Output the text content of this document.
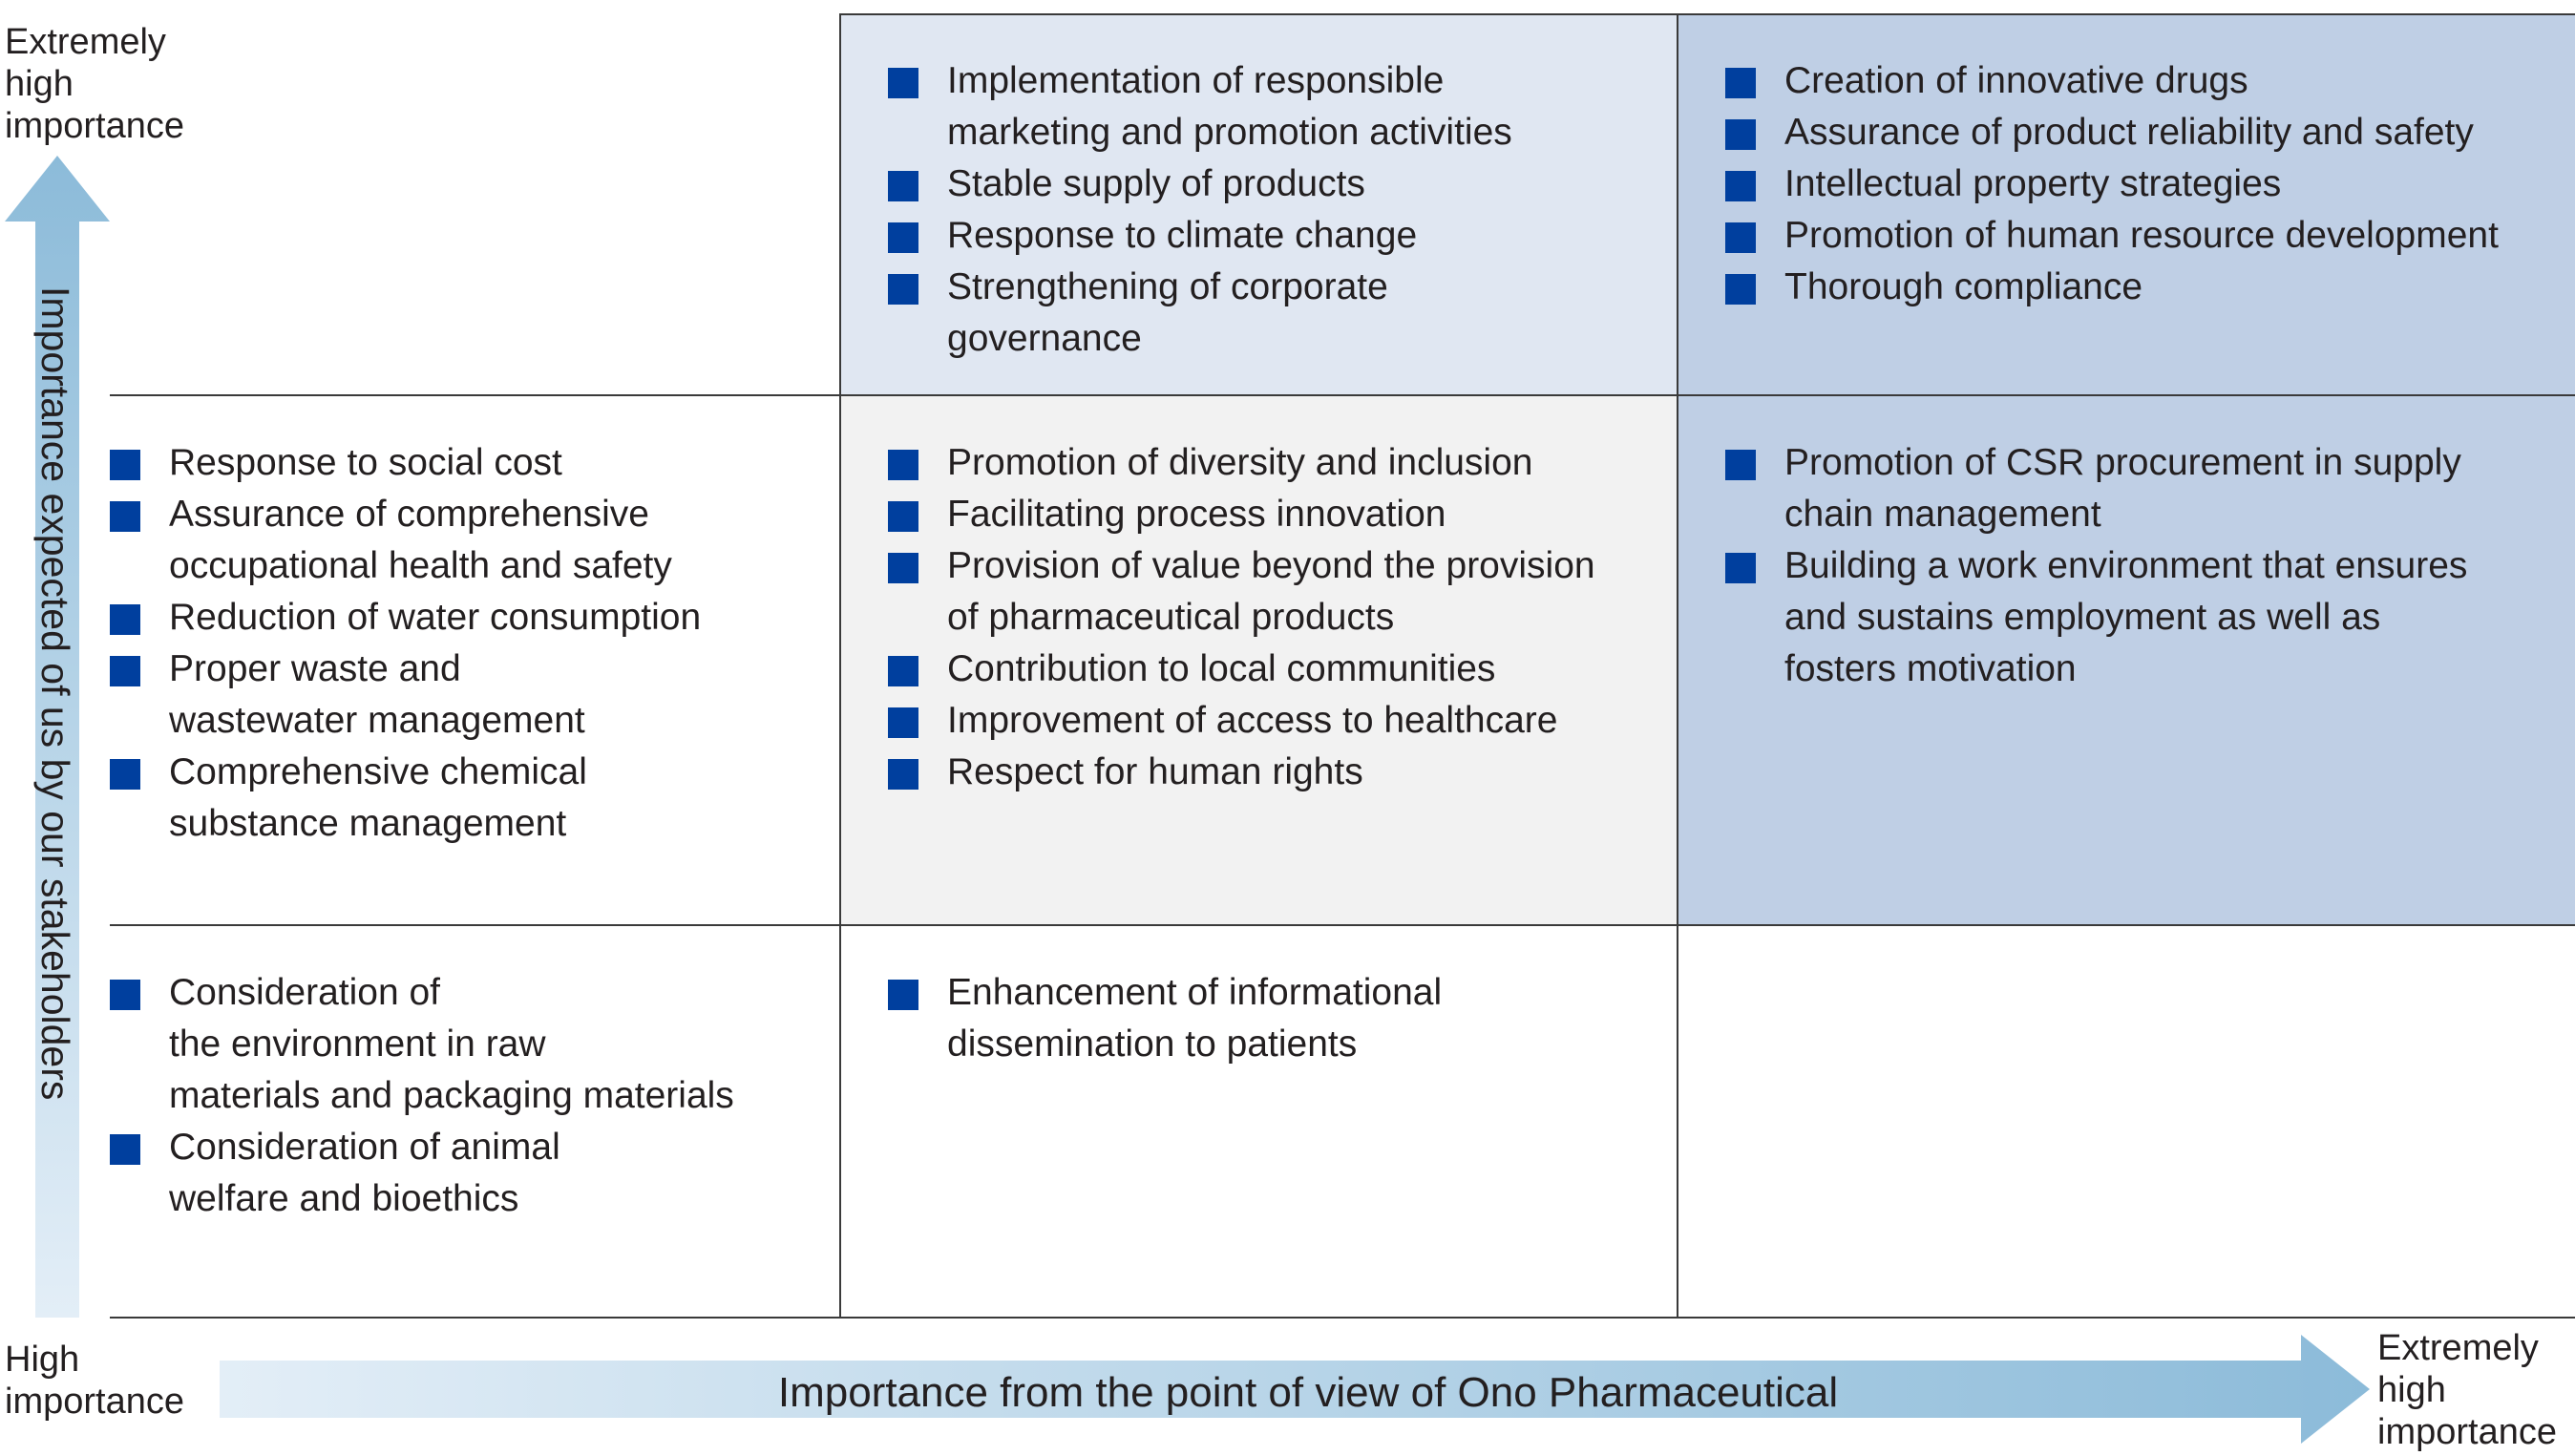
Extremely
high
importance
High
importance
Extremely
high
importance
Importance expected of us by our stakeholders
Importance from the point of view of Ono Pharmaceutical
Implementation of responsible
marketing and promotion activities
Stable supply of products
Response to climate change
Strengthening of corporate
governance
Creation of innovative drugs
Assurance of product reliability and safety
Intellectual property strategies
Promotion of human resource development
Thorough compliance
Response to social cost
Assurance of comprehensive
occupational health and safety
Reduction of water consumption
Proper waste and
wastewater management
Comprehensive chemical
substance management
Promotion of diversity and inclusion
Facilitating process innovation
Provision of value beyond the provision
of pharmaceutical products
Contribution to local communities
Improvement of access to healthcare
Respect for human rights
Promotion of CSR procurement in supply
chain management
Building a work environment that ensures
and sustains employment as well as
fosters motivation
Consideration of
the environment in raw
materials and packaging materials
Consideration of animal
welfare and bioethics
Enhancement of informational
dissemination to patients
